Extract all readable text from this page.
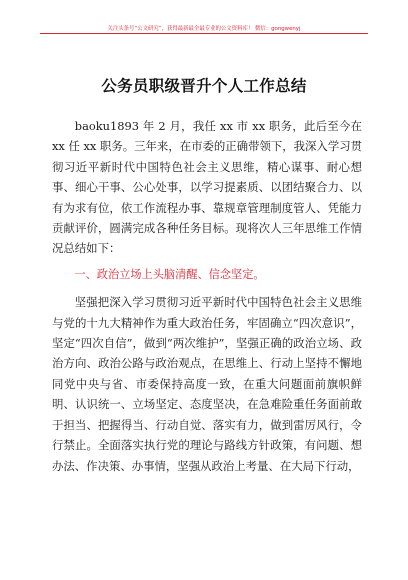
关注头条号“公文研究”，获得最新最全最专业的公文资料库！ 微信：gongwenyj
公务员职级晋升个人工作总结

baoku1893 年 2 月，我任 xx 市 xx 职务，此后至今在 xx 任 xx 职务。三年来，在市委的正确带领下，我深入学习贯彻习近平新时代中国特色社会主义思维，精心谋事、耐心想事、细心干事、公心处事，以学习提素质、以团结聚合力、以有为求有位，依工作流程办事、靠规章管理制度管人、凭能力贡献评价，圆满完成各种任务目标。现将次人三年思维工作情况总结如下：

一、政治立场上头脑清醒、信念坚定。

坚强把深入学习贯彻习近平新时代中国特色社会主义思维与党的十九大精神作为重大政治任务，牢固确立“四次意识”，坚定“四次自信”，做到“两次维护”，坚强正确的政治立场、政治方向、政治公路与政治观点，在思维上、行动上坚持不懈地同党中央与省、市委保持高度一致，在重大问题面前旗帜鲜明、认识统一、立场坚定、态度坚决，在急难险重任务面前敢于担当、把握得当、行动自觉、落实有力，做到雷厉风行，令行禁止。全面落实执行党的理论与路线方针政策，有问题、想办法、作决策、办事情，坚强从政治上考量、在大局下行动，
